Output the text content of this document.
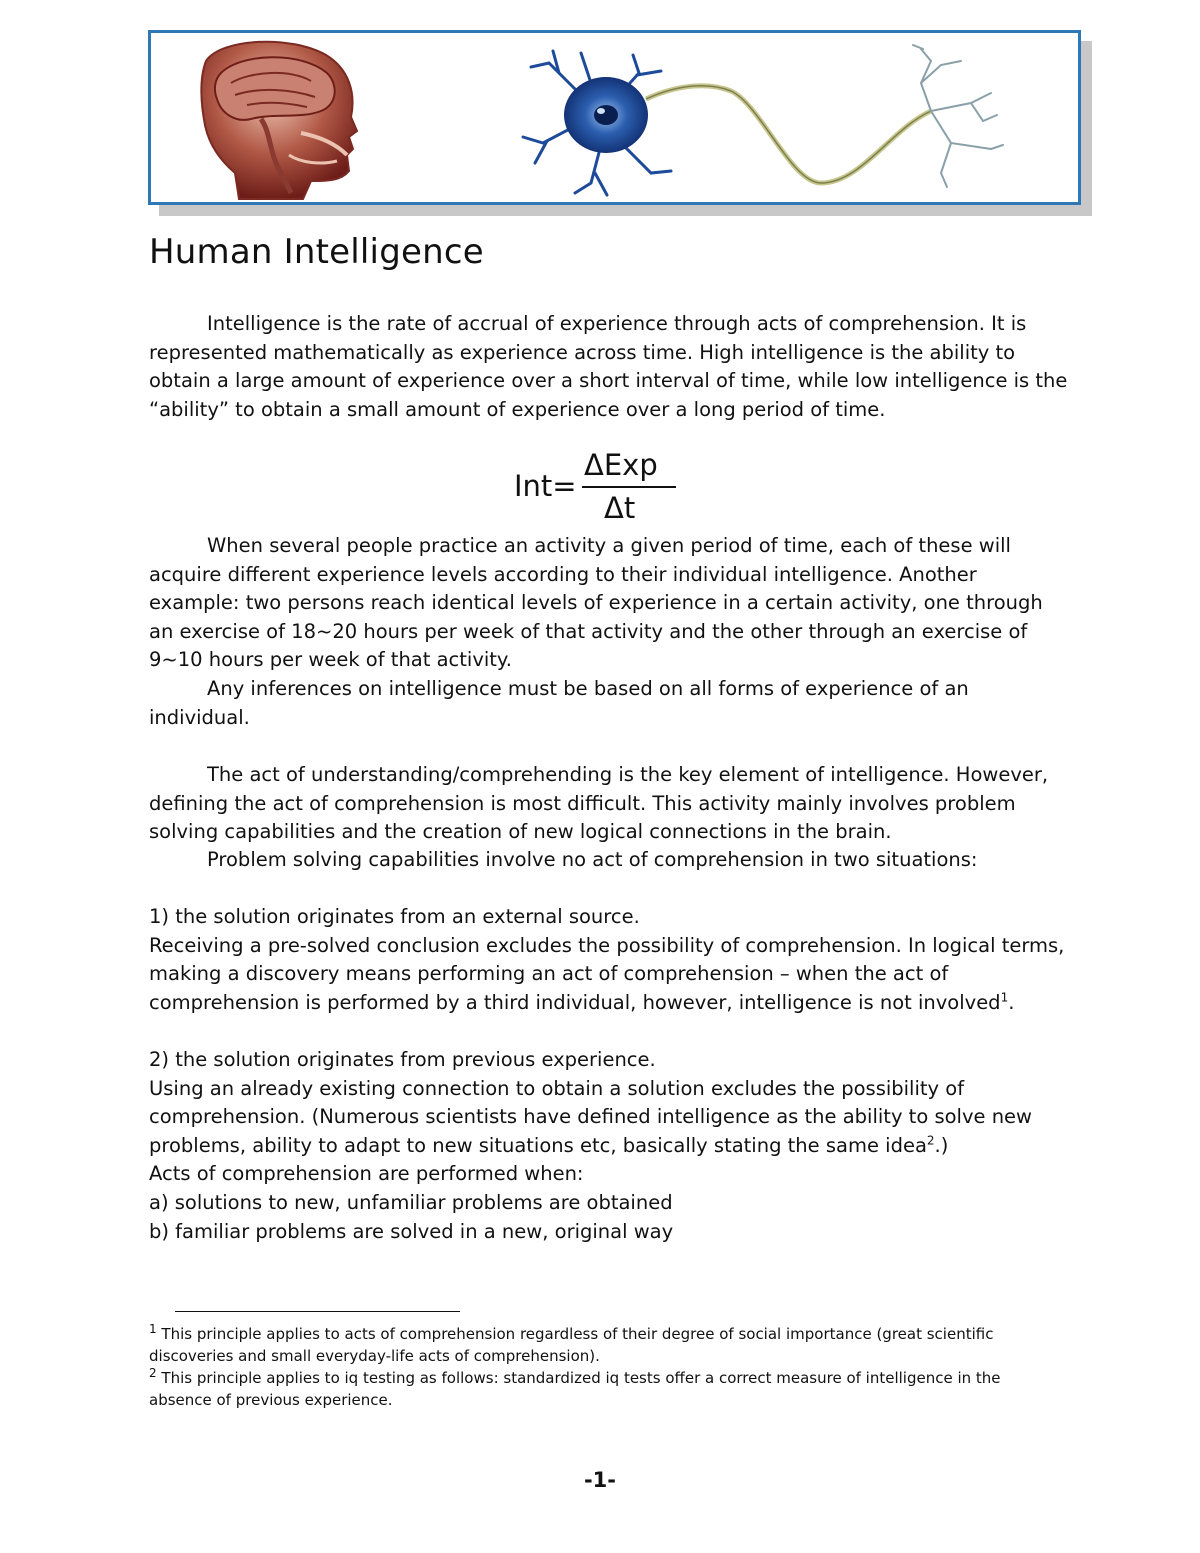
Human Intelligence

Intelligence is the rate of accrual of experience through acts of comprehension. It is represented mathematically as experience across time. High intelligence is the ability to obtain a large amount of experience over a short interval of time, while low intelligence is the “ability” to obtain a small amount of experience over a long period of time.

Int=
ΔExp
Δt

When several people practice an activity a given period of time, each of these will acquire different experience levels according to their individual intelligence. Another example: two persons reach identical levels of experience in a certain activity, one through an exercise of 18~20 hours per week of that activity and the other through an exercise of 9~10 hours per week of that activity.

Any inferences on intelligence must be based on all forms of experience of an individual.

The act of understanding/comprehending is the key element of intelligence. However, defining the act of comprehension is most difficult. This activity mainly involves problem solving capabilities and the creation of new logical connections in the brain.

Problem solving capabilities involve no act of comprehension in two situations:

1) the solution originates from an external source.
Receiving a pre-solved conclusion excludes the possibility of comprehension. In logical terms, making a discovery means performing an act of comprehension – when the act of comprehension is performed by a third individual, however, intelligence is not involved$^1$.

2) the solution originates from previous experience.
Using an already existing connection to obtain a solution excludes the possibility of comprehension. (Numerous scientists have defined intelligence as the ability to solve new problems, ability to adapt to new situations etc, basically stating the same idea$^2$.)
Acts of comprehension are performed when:
a) solutions to new, unfamiliar problems are obtained
b) familiar problems are solved in a new, original way

$^1$ This principle applies to acts of comprehension regardless of their degree of social importance (great scientific discoveries and small everyday-life acts of comprehension).

$^2$ This principle applies to iq testing as follows: standardized iq tests offer a correct measure of intelligence in the absence of previous experience.

-1-
